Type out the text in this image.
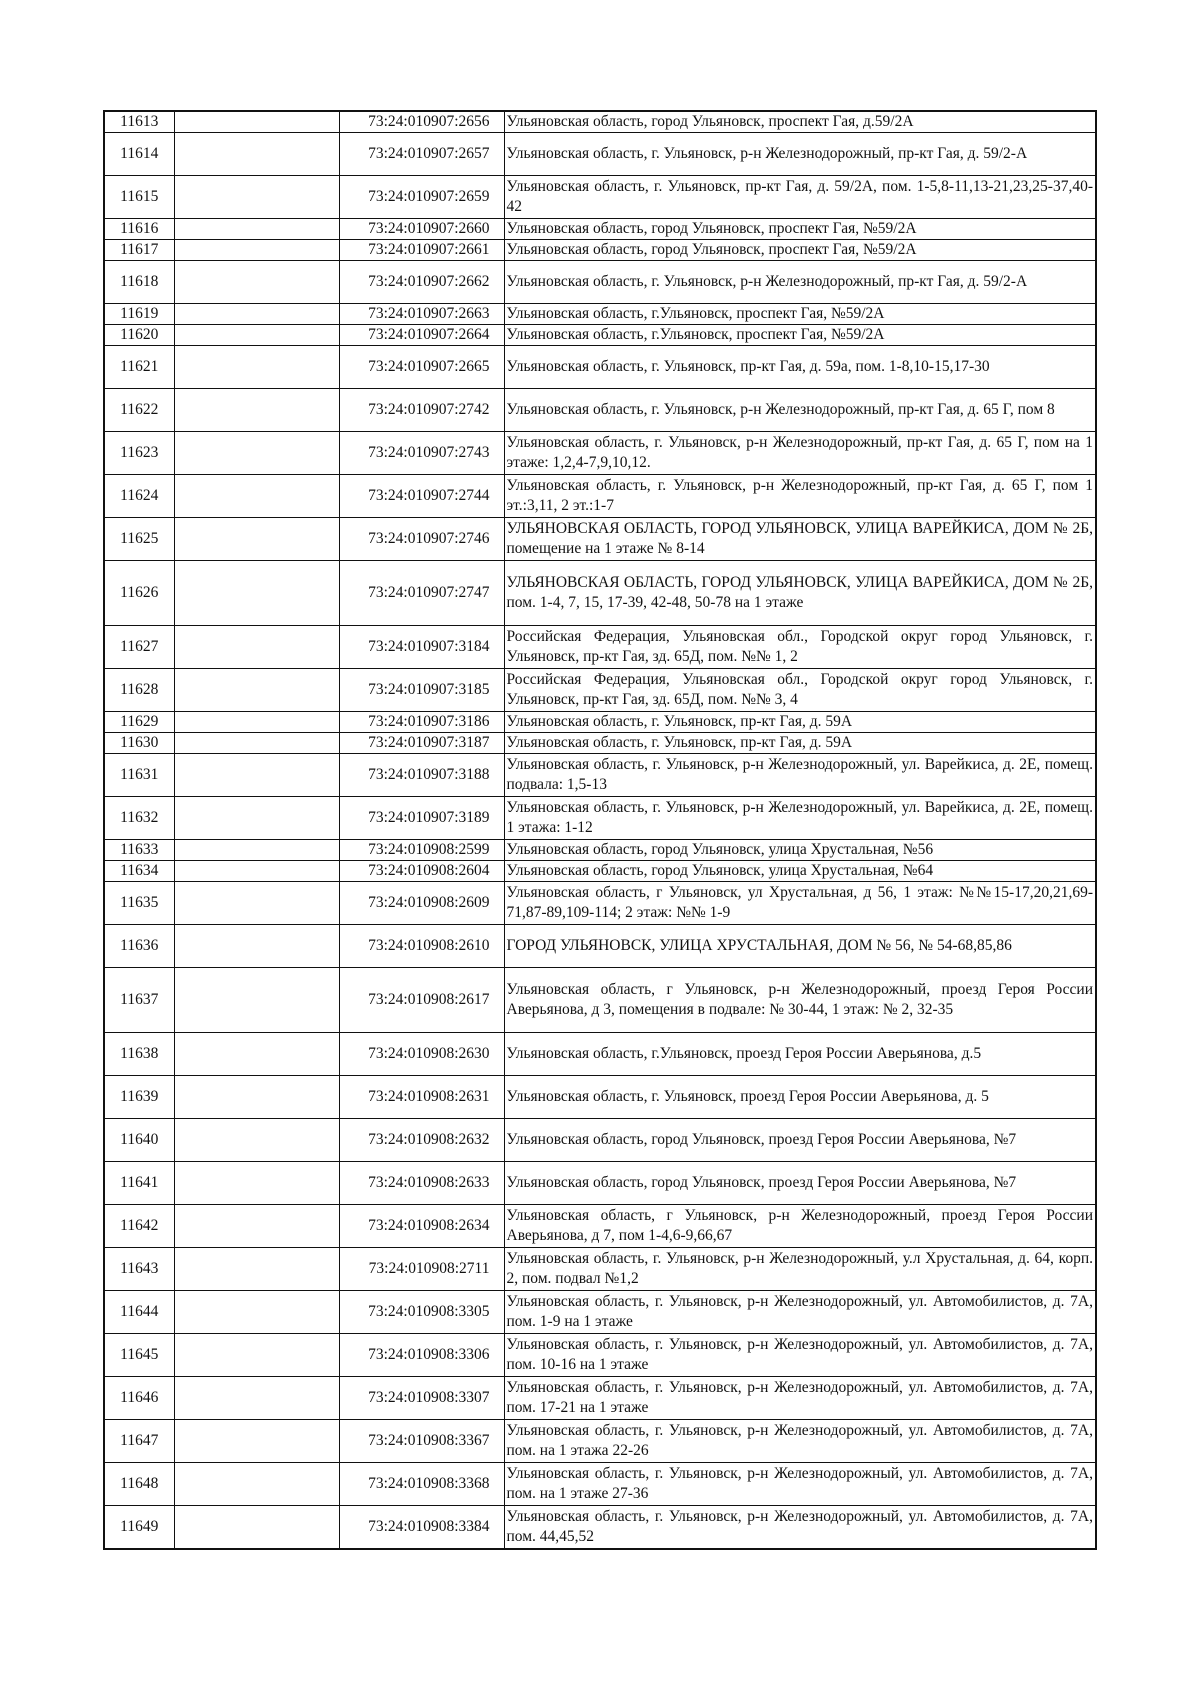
11613		73:24:010907:2656	Ульяновская область, город Ульяновск, проспект Гая, д.59/2А
11614		73:24:010907:2657	Ульяновская область, г. Ульяновск, р-н Железнодорожный, пр-кт Гая, д. 59/2-А
11615		73:24:010907:2659	Ульяновская область, г. Ульяновск, пр-кт Гая, д. 59/2А, пом. 1-5,8-11,13-21,23,25-37,40-42
11616		73:24:010907:2660	Ульяновская область, город Ульяновск, проспект Гая, №59/2А
11617		73:24:010907:2661	Ульяновская область, город Ульяновск, проспект Гая, №59/2А
11618		73:24:010907:2662	Ульяновская область, г. Ульяновск, р-н Железнодорожный, пр-кт Гая, д. 59/2-А
11619		73:24:010907:2663	Ульяновская область, г.Ульяновск, проспект Гая, №59/2А
11620		73:24:010907:2664	Ульяновская область, г.Ульяновск, проспект Гая, №59/2А
11621		73:24:010907:2665	Ульяновская область, г. Ульяновск, пр-кт Гая, д. 59а, пом. 1-8,10-15,17-30
11622		73:24:010907:2742	Ульяновская область, г. Ульяновск, р-н Железнодорожный, пр-кт Гая, д. 65 Г, пом 8
11623		73:24:010907:2743	Ульяновская область, г. Ульяновск, р-н Железнодорожный, пр-кт Гая, д. 65 Г, пом на 1 этаже: 1,2,4-7,9,10,12.
11624		73:24:010907:2744	Ульяновская область, г. Ульяновск, р-н Железнодорожный, пр-кт Гая, д. 65 Г, пом 1 эт.:3,11, 2 эт.:1-7
11625		73:24:010907:2746	УЛЬЯНОВСКАЯ ОБЛАСТЬ, ГОРОД УЛЬЯНОВСК, УЛИЦА ВАРЕЙКИСА, ДОМ № 2Б, помещение на 1 этаже № 8-14
11626		73:24:010907:2747	УЛЬЯНОВСКАЯ ОБЛАСТЬ, ГОРОД УЛЬЯНОВСК, УЛИЦА ВАРЕЙКИСА, ДОМ № 2Б, пом. 1-4, 7, 15, 17-39, 42-48, 50-78 на 1 этаже
11627		73:24:010907:3184	Российская Федерация, Ульяновская обл., Городской округ город Ульяновск, г. Ульяновск, пр-кт Гая, зд. 65Д, пом. №№ 1, 2
11628		73:24:010907:3185	Российская Федерация, Ульяновская обл., Городской округ город Ульяновск, г. Ульяновск, пр-кт Гая, зд. 65Д, пом. №№ 3, 4
11629		73:24:010907:3186	Ульяновская область, г. Ульяновск, пр-кт Гая, д. 59А
11630		73:24:010907:3187	Ульяновская область, г. Ульяновск, пр-кт Гая, д. 59А
11631		73:24:010907:3188	Ульяновская область, г. Ульяновск, р-н Железнодорожный, ул. Варейкиса, д. 2Е, помещ. подвала: 1,5-13
11632		73:24:010907:3189	Ульяновская область, г. Ульяновск, р-н Железнодорожный, ул. Варейкиса, д. 2Е, помещ. 1 этажа: 1-12
11633		73:24:010908:2599	Ульяновская область, город Ульяновск, улица Хрустальная, №56
11634		73:24:010908:2604	Ульяновская область, город Ульяновск, улица Хрустальная, №64
11635		73:24:010908:2609	Ульяновская область, г Ульяновск, ул Хрустальная, д 56, 1 этаж: №№15-17,20,21,69-71,87-89,109-114; 2 этаж: №№ 1-9
11636		73:24:010908:2610	ГОРОД УЛЬЯНОВСК, УЛИЦА ХРУСТАЛЬНАЯ, ДОМ № 56, № 54-68,85,86
11637		73:24:010908:2617	Ульяновская область, г Ульяновск, р-н Железнодорожный, проезд Героя России Аверьянова, д 3, помещения в подвале: № 30-44, 1 этаж: № 2, 32-35
11638		73:24:010908:2630	Ульяновская область, г.Ульяновск, проезд Героя России Аверьянова, д.5
11639		73:24:010908:2631	Ульяновская область, г. Ульяновск, проезд Героя России Аверьянова, д. 5
11640		73:24:010908:2632	Ульяновская область, город Ульяновск, проезд Героя России Аверьянова, №7
11641		73:24:010908:2633	Ульяновская область, город Ульяновск, проезд Героя России Аверьянова, №7
11642		73:24:010908:2634	Ульяновская область, г Ульяновск, р-н Железнодорожный, проезд Героя России Аверьянова, д 7, пом 1-4,6-9,66,67
11643		73:24:010908:2711	Ульяновская область, г. Ульяновск, р-н Железнодорожный, у.л Хрустальная, д. 64, корп. 2, пом. подвал №1,2
11644		73:24:010908:3305	Ульяновская область, г. Ульяновск, р-н Железнодорожный, ул. Автомобилистов, д. 7А, пом. 1-9 на 1 этаже
11645		73:24:010908:3306	Ульяновская область, г. Ульяновск, р-н Железнодорожный, ул. Автомобилистов, д. 7А, пом. 10-16 на 1 этаже
11646		73:24:010908:3307	Ульяновская область, г. Ульяновск, р-н Железнодорожный, ул. Автомобилистов, д. 7А, пом. 17-21 на 1 этаже
11647		73:24:010908:3367	Ульяновская область, г. Ульяновск, р-н Железнодорожный, ул. Автомобилистов, д. 7А, пом. на 1 этажа 22-26
11648		73:24:010908:3368	Ульяновская область, г. Ульяновск, р-н Железнодорожный, ул. Автомобилистов, д. 7А, пом. на 1 этаже 27-36
11649		73:24:010908:3384	Ульяновская область, г. Ульяновск, р-н Железнодорожный, ул. Автомобилистов, д. 7А, пом. 44,45,52
